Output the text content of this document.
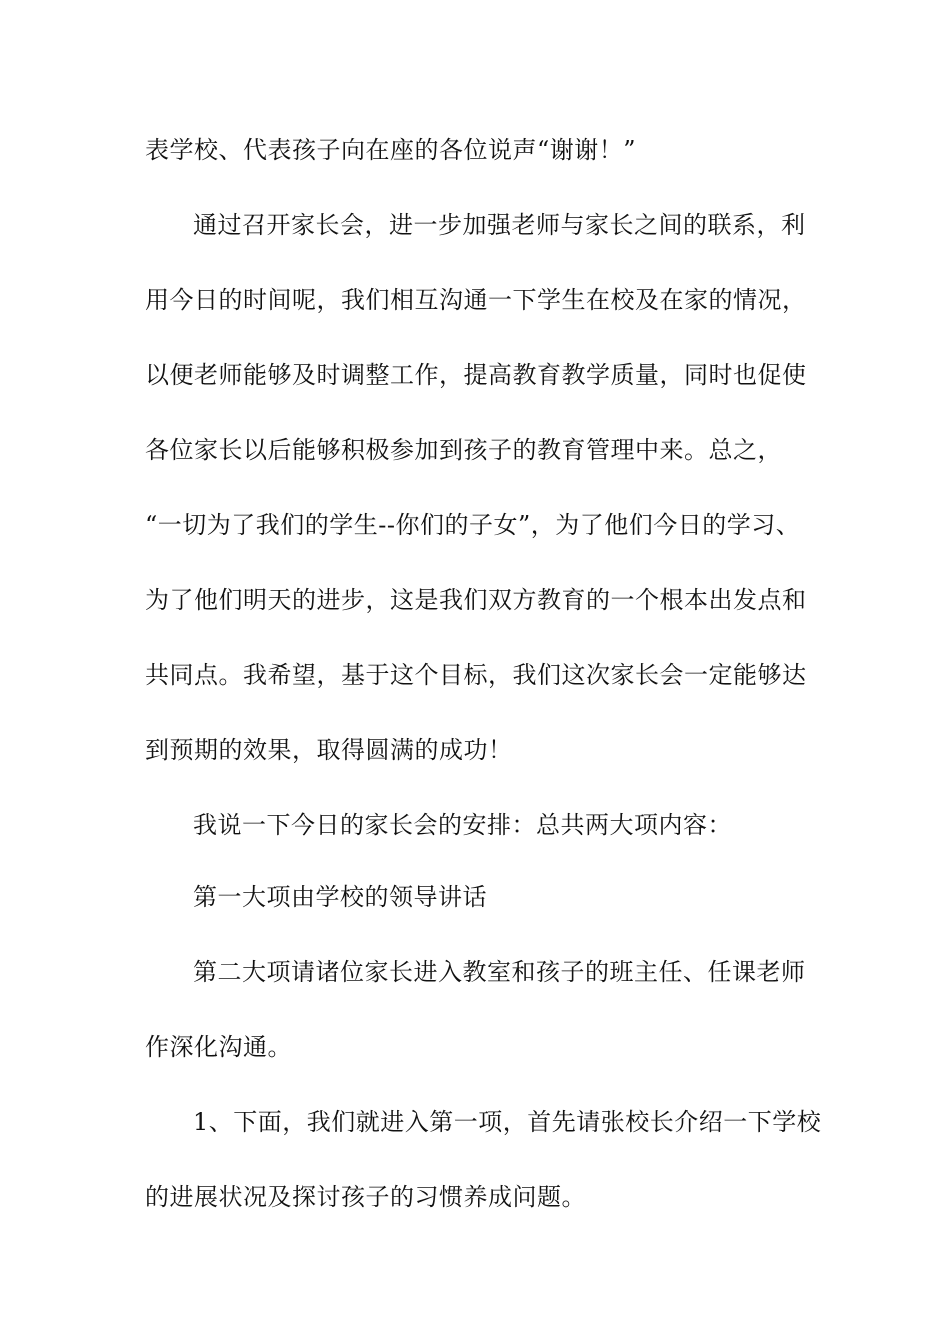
表学校、代表孩子向在座的各位说声“谢谢！”
通过召开家长会，进一步加强老师与家长之间的联系，利
用今日的时间呢，我们相互沟通一下学生在校及在家的情况，
以便老师能够及时调整工作，提高教育教学质量，同时也促使
各位家长以后能够积极参加到孩子的教育管理中来。总之，
“一切为了我们的学生--你们的子女”，为了他们今日的学习、
为了他们明天的进步，这是我们双方教育的一个根本出发点和
共同点。我希望，基于这个目标，我们这次家长会一定能够达
到预期的效果，取得圆满的成功！
我说一下今日的家长会的安排：总共两大项内容：
第一大项由学校的领导讲话
第二大项请诸位家长进入教室和孩子的班主任、任课老师
作深化沟通。
1、下面，我们就进入第一项，首先请张校长介绍一下学校
的进展状况及探讨孩子的习惯养成问题。
